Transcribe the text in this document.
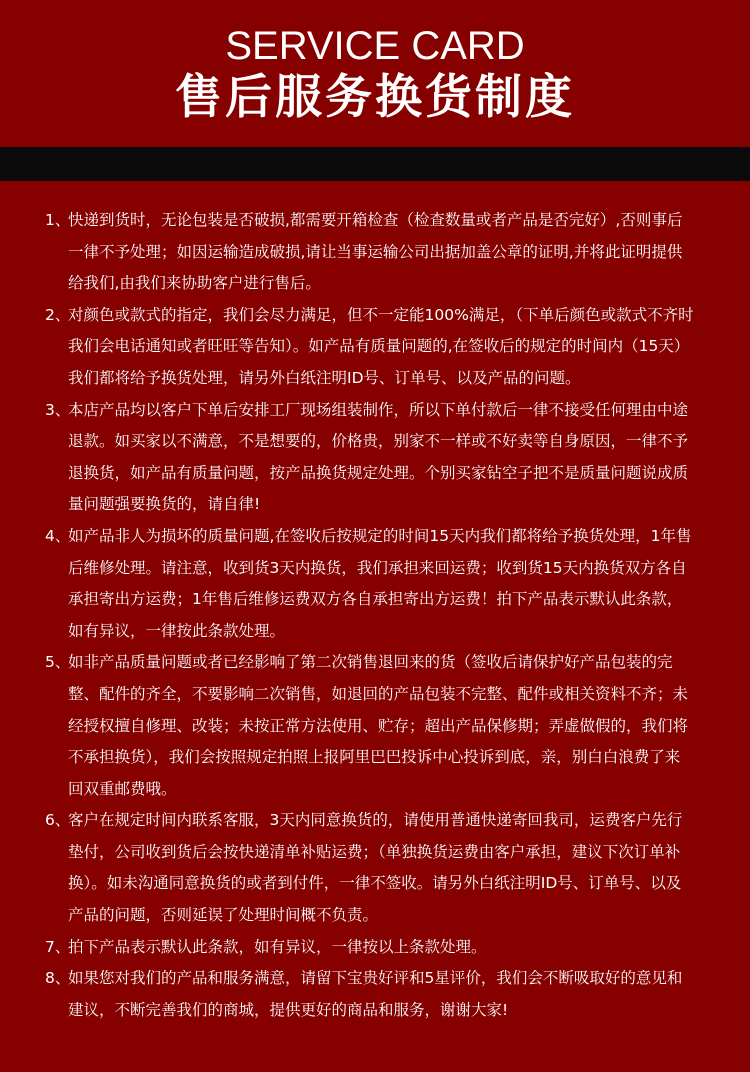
SERVICE CARD
售后服务换货制度
1、
快递到货时，无论包装是否破损,都需要开箱检查（检查数量或者产品是否完好）,否则事后一律不予处理；如因运输造成破损,请让当事运输公司出据加盖公章的证明,并将此证明提供给我们,由我们来协助客户进行售后。
2、
对颜色或款式的指定，我们会尽力满足，但不一定能100%满足，（下单后颜色或款式不齐时我们会电话通知或者旺旺等告知）。如产品有质量问题的,在签收后的规定的时间内（15天）我们都将给予换货处理，请另外白纸注明ID号、订单号、以及产品的问题。
3、
本店产品均以客户下单后安排工厂现场组装制作，所以下单付款后一律不接受任何理由中途退款。如买家以不满意，不是想要的，价格贵，别家不一样或不好卖等自身原因，一律不予退换货，如产品有质量问题，按产品换货规定处理。个别买家钻空子把不是质量问题说成质量问题强要换货的，请自律!
4、
如产品非人为损坏的质量问题,在签收后按规定的时间15天内我们都将给予换货处理，1年售后维修处理。请注意，收到货3天内换货，我们承担来回运费；收到货15天内换货双方各自承担寄出方运费；1年售后维修运费双方各自承担寄出方运费！拍下产品表示默认此条款，如有异议，一律按此条款处理。
5、
如非产品质量问题或者已经影响了第二次销售退回来的货（签收后请保护好产品包装的完整、配件的齐全，不要影响二次销售，如退回的产品包装不完整、配件或相关资料不齐；未经授权擅自修理、改装；未按正常方法使用、贮存；超出产品保修期；弄虚做假的，我们将不承担换货），我们会按照规定拍照上报阿里巴巴投诉中心投诉到底，亲，别白白浪费了来回双重邮费哦。
6、
客户在规定时间内联系客服，3天内同意换货的，请使用普通快递寄回我司，运费客户先行垫付，公司收到货后会按快递清单补贴运费；（单独换货运费由客户承担，建议下次订单补换）。如未沟通同意换货的或者到付件，一律不签收。请另外白纸注明ID号、订单号、以及产品的问题，否则延误了处理时间概不负责。
7、
拍下产品表示默认此条款，如有异议，一律按以上条款处理。
8、
如果您对我们的产品和服务满意，请留下宝贵好评和5星评价，我们会不断吸取好的意见和建议，不断完善我们的商城，提供更好的商品和服务，谢谢大家!
